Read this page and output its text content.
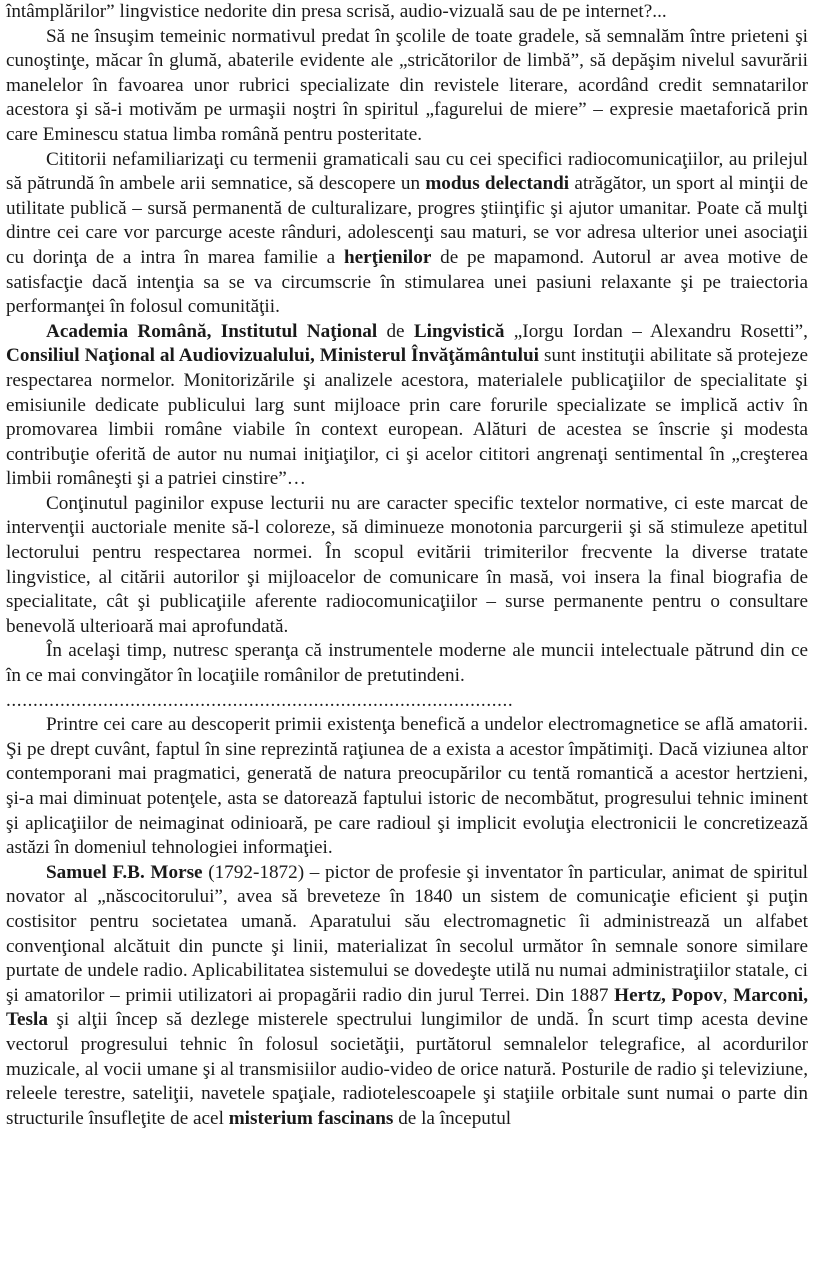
întâmplărilor” lingvistice nedorite din presa scrisă, audio-vizuală sau de pe internet?...

Să ne însuşim temeinic normativul predat în şcolile de toate gradele, să semnalăm între prieteni şi cunoştinţe, măcar în glumă, abaterile evidente ale „stricătorilor de limbă”, să depăşim nivelul savurării manelelor în favoarea unor rubrici specializate din revistele literare, acordând credit semnatarilor acestora şi să-i motivăm pe urmaşii noştri în spiritul „fagurelui de miere” – expresie maetaforică prin care Eminescu statua limba română pentru posteritate.

Cititorii nefamiliarizaţi cu termenii gramaticali sau cu cei specifici radiocomunicaţiilor, au prilejul să pătrundă în ambele arii semnatice, să descopere un modus delectandi atrăgător, un sport al minţii de utilitate publică – sursă permanentă de culturalizare, progres ştiinţific şi ajutor umanitar. Poate că mulţi dintre cei care vor parcurge aceste rânduri, adolescenţi sau maturi, se vor adresa ulterior unei asociaţii cu dorinţa de a intra în marea familie a herţienilor de pe mapamond. Autorul ar avea motive de satisfacţie dacă intenţia sa se va circumscrie în stimularea unei pasiuni relaxante şi pe traiectoria performanţei în folosul comunităţii.

Academia Română, Institutul Naţional de Lingvistică „Iorgu Iordan – Alexandru Rosetti”, Consiliul Naţional al Audiovizualului, Ministerul Învăţământului sunt instituţii abilitate să protejeze respectarea normelor. Monitorizările şi analizele acestora, materialele publicaţiilor de specialitate şi emisiunile dedicate publicului larg sunt mijloace prin care forurile specializate se implică activ în promovarea limbii române viabile în context european. Alături de acestea se înscrie şi modesta contribuţie oferită de autor nu numai iniţiaţilor, ci şi acelor cititori angrenaţi sentimental în „creşterea limbii româneşti şi a patriei cinstire”…

Conţinutul paginilor expuse lecturii nu are caracter specific textelor normative, ci este marcat de intervenţii auctoriale menite să-l coloreze, să diminueze monotonia parcurgerii şi să stimuleze apetitul lectorului pentru respectarea normei. În scopul evitării trimiterilor frecvente la diverse tratate lingvistice, al citării autorilor şi mijloacelor de comunicare în masă, voi insera la final biografia de specialitate, cât şi publicaţiile aferente radiocomunicaţiilor – surse permanente pentru o consultare benevolă ulterioară mai aprofundată.

În acelaşi timp, nutresc speranţa că instrumentele moderne ale muncii intelectuale pătrund din ce în ce mai convingător în locaţiile românilor de pretutindeni.

..............................................................................................

Printre cei care au descoperit primii existenţa benefică a undelor electromagnetice se află amatorii. Şi pe drept cuvânt, faptul în sine reprezintă raţiunea de a exista a acestor împătimiţi. Dacă viziunea altor contemporani mai pragmatici, generată de natura preocupărilor cu tentă romantică a acestor hertzieni, şi-a mai diminuat potenţele, asta se datorează faptului istoric de necombătut, progresului tehnic iminent şi aplicaţiilor de neimaginat odinioară, pe care radioul şi implicit evoluţia electronicii le concretizează astăzi în domeniul tehnologiei informaţiei.

Samuel F.B. Morse (1792-1872) – pictor de profesie şi inventator în particular, animat de spiritul novator al „născocitorului”, avea să breveteze în 1840 un sistem de comunicaţie eficient şi puţin costisitor pentru societatea umană. Aparatului său electromagnetic îi administrează un alfabet convenţional alcătuit din puncte şi linii, materializat în secolul următor în semnale sonore similare purtate de undele radio. Aplicabilitatea sistemului se dovedeşte utilă nu numai administraţiilor statale, ci şi amatorilor – primii utilizatori ai propagării radio din jurul Terrei. Din 1887 Hertz, Popov, Marconi, Tesla şi alţii încep să dezlege misterele spectrului lungimilor de undă. În scurt timp acesta devine vectorul progresului tehnic în folosul societăţii, purtătorul semnalelor telegrafice, al acordurilor muzicale, al vocii umane şi al transmisiilor audio-video de orice natură. Posturile de radio şi televiziune, releele terestre, sateliţii, navetele spaţiale, radiotelescoapele şi staţiile orbitale sunt numai o parte din structurile însufleţite de acel misterium fascinans de la începutul
